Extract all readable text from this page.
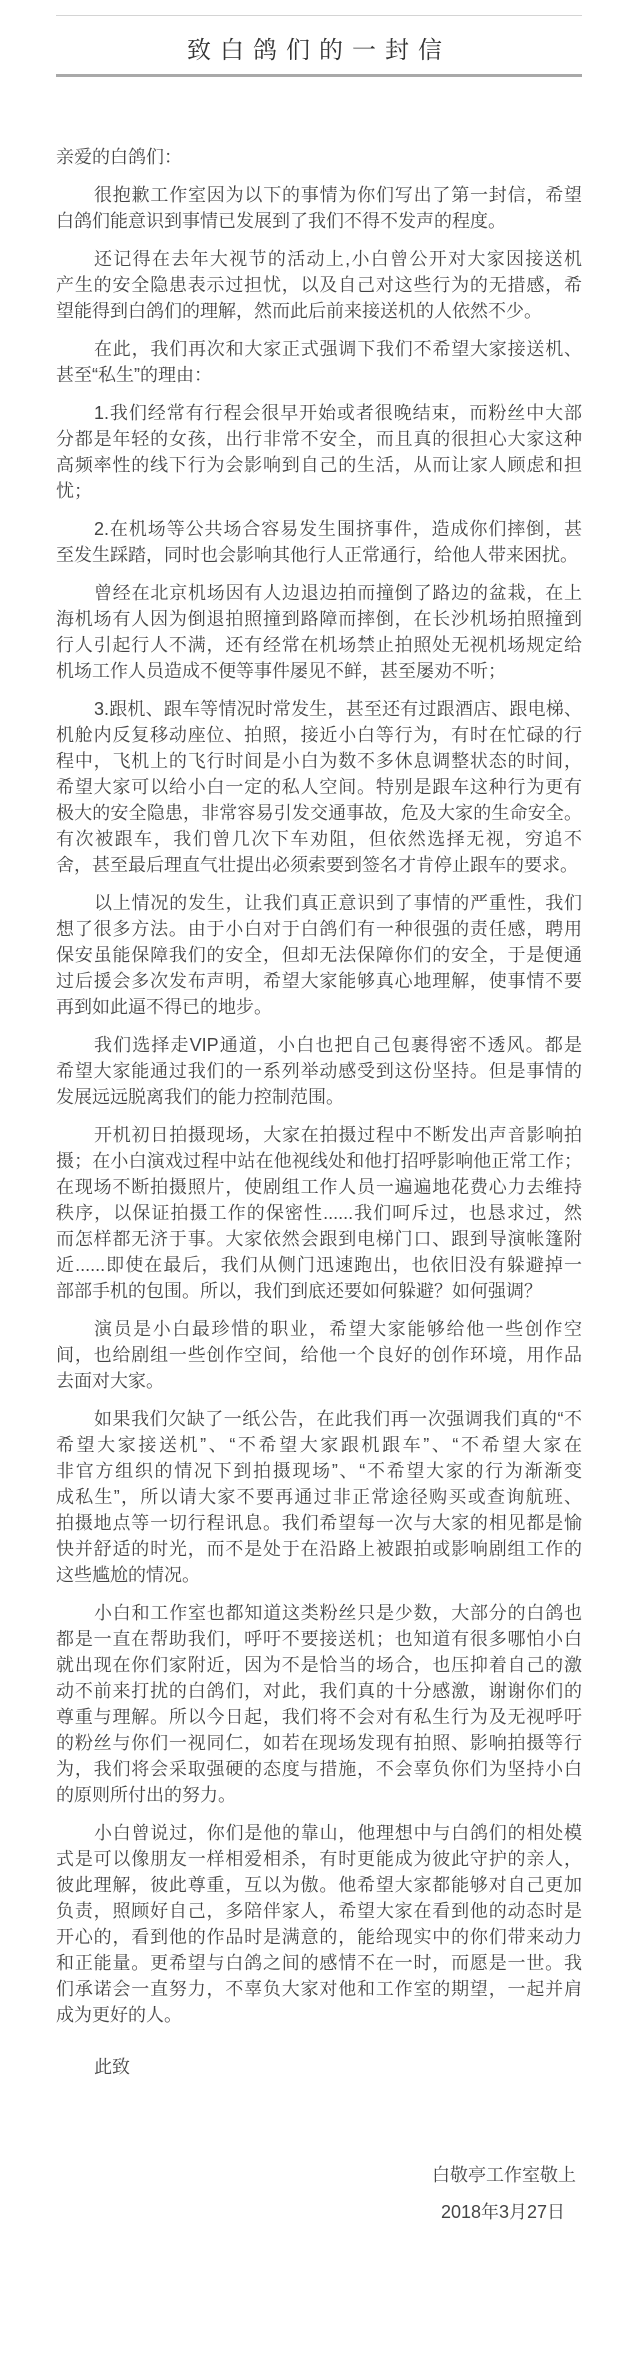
致白鸽们的一封信
亲爱的白鸽们：
很抱歉工作室因为以下的事情为你们写出了第一封信，希望
白鸽们能意识到事情已发展到了我们不得不发声的程度。
还记得在去年大视节的活动上,小白曾公开对大家因接送机
产生的安全隐患表示过担忧，以及自己对这些行为的无措感，希
望能得到白鸽们的理解，然而此后前来接送机的人依然不少。
在此，我们再次和大家正式强调下我们不希望大家接送机、
甚至“私生”的理由：
1.我们经常有行程会很早开始或者很晚结束，而粉丝中大部
分都是年轻的女孩，出行非常不安全，而且真的很担心大家这种
高频率性的线下行为会影响到自己的生活，从而让家人顾虑和担
忧；
2.在机场等公共场合容易发生围挤事件，造成你们摔倒，甚
至发生踩踏，同时也会影响其他行人正常通行，给他人带来困扰。
曾经在北京机场因有人边退边拍而撞倒了路边的盆栽，在上
海机场有人因为倒退拍照撞到路障而摔倒，在长沙机场拍照撞到
行人引起行人不满，还有经常在机场禁止拍照处无视机场规定给
机场工作人员造成不便等事件屡见不鲜，甚至屡劝不听；
3.跟机、跟车等情况时常发生，甚至还有过跟酒店、跟电梯、
机舱内反复移动座位、拍照，接近小白等行为，有时在忙碌的行
程中，飞机上的飞行时间是小白为数不多休息调整状态的时间，
希望大家可以给小白一定的私人空间。特别是跟车这种行为更有
极大的安全隐患，非常容易引发交通事故，危及大家的生命安全。
有次被跟车，我们曾几次下车劝阻，但依然选择无视，穷追不
舍，甚至最后理直气壮提出必须索要到签名才肯停止跟车的要求。
以上情况的发生，让我们真正意识到了事情的严重性，我们
想了很多方法。由于小白对于白鸽们有一种很强的责任感，聘用
保安虽能保障我们的安全，但却无法保障你们的安全，于是便通
过后援会多次发布声明，希望大家能够真心地理解，使事情不要
再到如此逼不得已的地步。
我们选择走VIP通道，小白也把自己包裹得密不透风。都是
希望大家能通过我们的一系列举动感受到这份坚持。但是事情的
发展远远脱离我们的能力控制范围。
开机初日拍摄现场，大家在拍摄过程中不断发出声音影响拍
摄；在小白演戏过程中站在他视线处和他打招呼影响他正常工作；
在现场不断拍摄照片，使剧组工作人员一遍遍地花费心力去维持
秩序，以保证拍摄工作的保密性......我们呵斥过，也恳求过，然
而怎样都无济于事。大家依然会跟到电梯门口、跟到导演帐篷附
近......即使在最后，我们从侧门迅速跑出，也依旧没有躲避掉一
部部手机的包围。所以，我们到底还要如何躲避？如何强调？
演员是小白最珍惜的职业，希望大家能够给他一些创作空
间，也给剧组一些创作空间，给他一个良好的创作环境，用作品
去面对大家。
如果我们欠缺了一纸公告，在此我们再一次强调我们真的“不
希望大家接送机”、“不希望大家跟机跟车”、“不希望大家在
非官方组织的情况下到拍摄现场”、“不希望大家的行为渐渐变
成私生”，所以请大家不要再通过非正常途径购买或查询航班、
拍摄地点等一切行程讯息。我们希望每一次与大家的相见都是愉
快并舒适的时光，而不是处于在沿路上被跟拍或影响剧组工作的
这些尴尬的情况。
小白和工作室也都知道这类粉丝只是少数，大部分的白鸽也
都是一直在帮助我们，呼吁不要接送机；也知道有很多哪怕小白
就出现在你们家附近，因为不是恰当的场合，也压抑着自己的激
动不前来打扰的白鸽们，对此，我们真的十分感激，谢谢你们的
尊重与理解。所以今日起，我们将不会对有私生行为及无视呼吁
的粉丝与你们一视同仁，如若在现场发现有拍照、影响拍摄等行
为，我们将会采取强硬的态度与措施，不会辜负你们为坚持小白
的原则所付出的努力。
小白曾说过，你们是他的靠山，他理想中与白鸽们的相处模
式是可以像朋友一样相爱相杀，有时更能成为彼此守护的亲人，
彼此理解，彼此尊重，互以为傲。他希望大家都能够对自己更加
负责，照顾好自己，多陪伴家人，希望大家在看到他的动态时是
开心的，看到他的作品时是满意的，能给现实中的你们带来动力
和正能量。更希望与白鸽之间的感情不在一时，而愿是一世。我
们承诺会一直努力，不辜负大家对他和工作室的期望，一起并肩
成为更好的人。
此致
白敬亭工作室敬上
2018年3月27日
